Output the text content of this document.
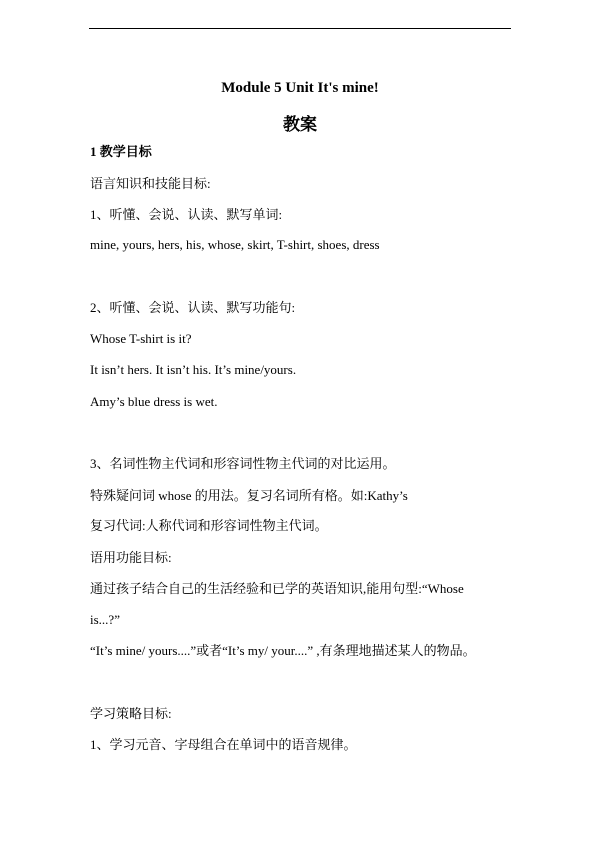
Module 5 Unit It's mine!
教案
1 教学目标
语言知识和技能目标:
1、听懂、会说、认读、默写单词:
mine, yours, hers, his, whose, skirt, T-shirt, shoes, dress
2、听懂、会说、认读、默写功能句:
Whose T-shirt is it?
It isn’t hers. It isn’t his. It’s mine/yours.
Amy’s blue dress is wet.
3、名词性物主代词和形容词性物主代词的对比运用。
特殊疑问词 whose 的用法。复习名词所有格。如:Kathy’s
复习代词:人称代词和形容词性物主代词。
语用功能目标:
通过孩子结合自己的生活经验和已学的英语知识,能用句型:“Whose
is...?”
“It’s mine/ yours....”或者“It’s my/ your....” ,有条理地描述某人的物品。
学习策略目标:
1、学习元音、字母组合在单词中的语音规律。
